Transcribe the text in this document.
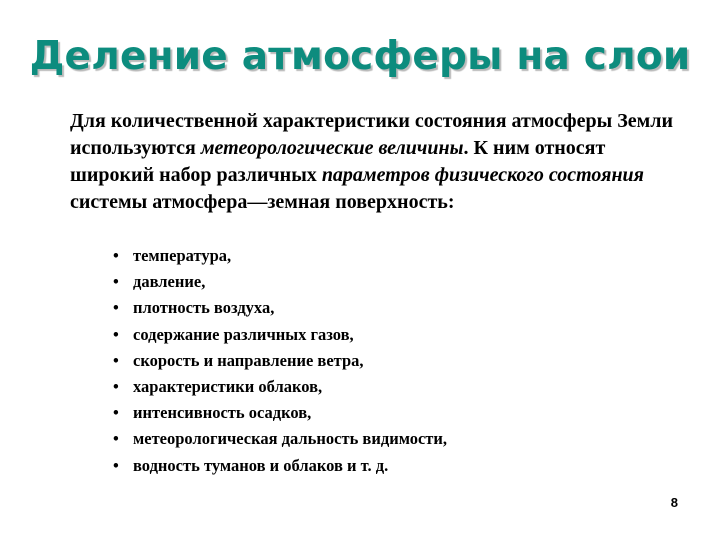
Деление атмосферы на слои
Для количественной характеристики состояния атмосферы Земли используются метеорологические величины. К ним относят широкий набор различных параметров физического состояния системы атмосфера—земная поверхность:
• температура,
• давление,
• плотность воздуха,
• содержание различных газов,
• скорость и направление ветра,
• характеристики облаков,
• интенсивность осадков,
• метеорологическая дальность видимости,
• водность туманов и облаков и т. д.
8
